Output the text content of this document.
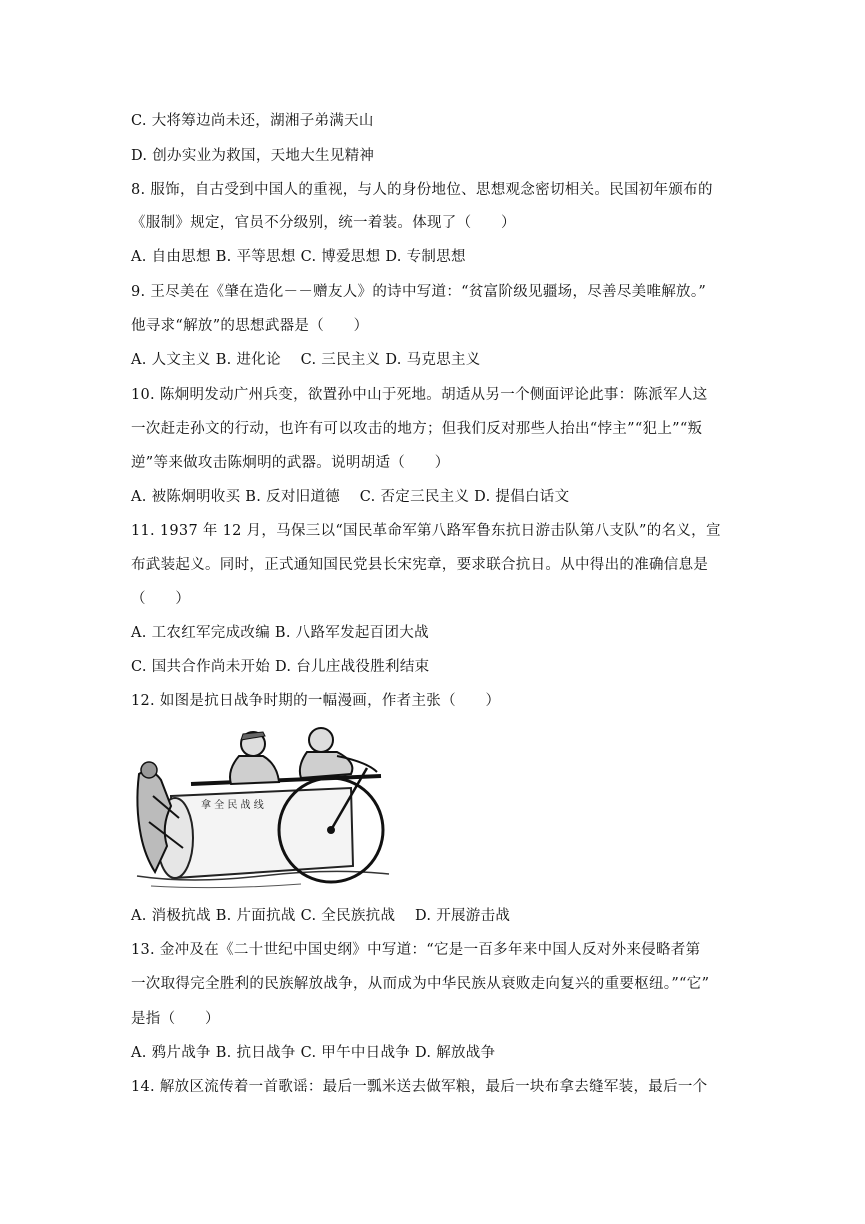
C. 大将筹边尚未还，湖湘子弟满天山
D. 创办实业为救国，天地大生见精神
8. 服饰，自古受到中国人的重视，与人的身份地位、思想观念密切相关。民国初年颁布的
《服制》规定，官员不分级别，统一着装。体现了（　　）
A. 自由思想 B. 平等思想 C. 博爱思想 D. 专制思想
9. 王尽美在《肇在造化－－赠友人》的诗中写道：“贫富阶级见疆场，尽善尽美唯解放。”
他寻求“解放”的思想武器是（　　）
A. 人文主义 B. 进化论　 C. 三民主义 D. 马克思主义
10. 陈炯明发动广州兵变，欲置孙中山于死地。胡适从另一个侧面评论此事：陈派军人这
一次赶走孙文的行动，也许有可以攻击的地方；但我们反对那些人抬出“悖主”“犯上”“叛
逆”等来做攻击陈炯明的武器。说明胡适（　　）
A. 被陈炯明收买 B. 反对旧道德　 C. 否定三民主义 D. 提倡白话文
11. 1937 年 12 月，马保三以“国民革命军第八路军鲁东抗日游击队第八支队”的名义，宣
布武装起义。同时，正式通知国民党县长宋宪章，要求联合抗日。从中得出的准确信息是
（　　）
A. 工农红军完成改编 B. 八路军发起百团大战
C. 国共合作尚未开始 D. 台儿庄战役胜利结束
12. 如图是抗日战争时期的一幅漫画，作者主张（　　）
拿 全 民 战 线
A. 消极抗战 B. 片面抗战 C. 全民族抗战　 D. 开展游击战
13. 金冲及在《二十世纪中国史纲》中写道：“它是一百多年来中国人反对外来侵略者第
一次取得完全胜利的民族解放战争，从而成为中华民族从衰败走向复兴的重要枢纽。”“它”
是指（　　）
A. 鸦片战争 B. 抗日战争 C. 甲午中日战争 D. 解放战争
14. 解放区流传着一首歌谣：最后一瓢米送去做军粮，最后一块布拿去缝军装，最后一个
